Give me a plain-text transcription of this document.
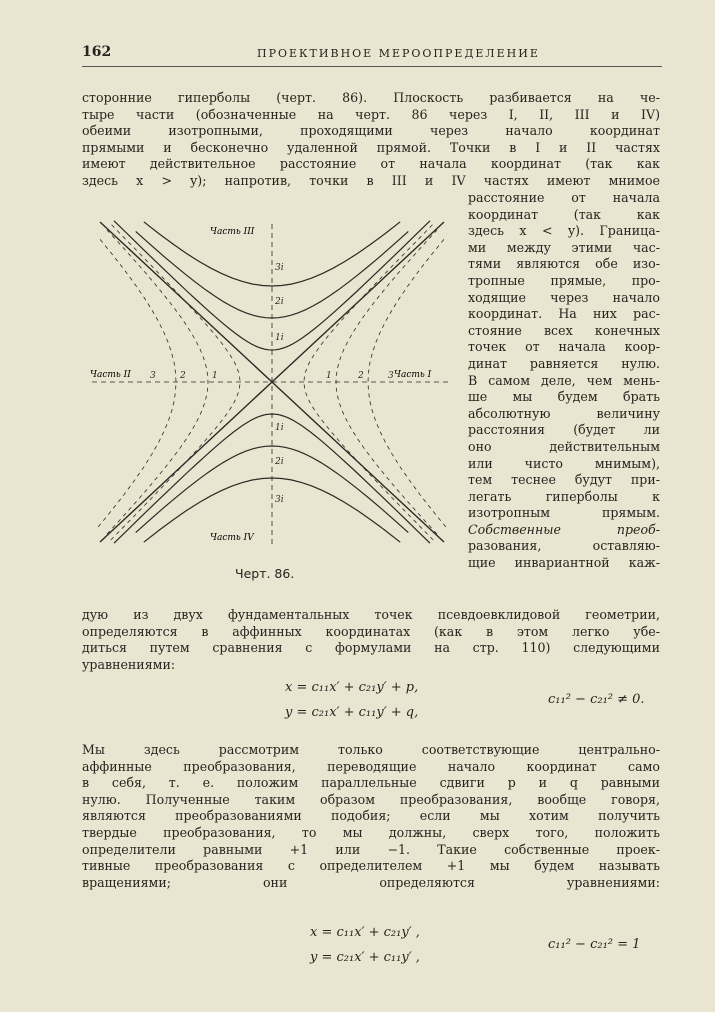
162	ПРОЕКТИВНОЕ МЕРООПРЕДЕЛЕНИЕ
сторонние гиперболы (черт. 86). Плоскость разбивается на че-
тыре части (обозначенные на черт. 86 через I, II, III и IV)
обеими изотропными, проходящими через начало координат
прямыми и бесконечно удаленной прямой. Точки в I и II частях
имеют действительное расстояние от начала координат (так как
здесь x > y); напротив, точки в III и IV частях имеют мнимое
расстояние от начала
координат (так как
здесь x < y). Граница-
ми между этими час-
тями являются обе изо-
тропные прямые, про-
ходящие через начало
координат. На них рас-
стояние всех конечных
точек от начала коор-
динат равняется нулю.
В самом деле, чем мень-
ше мы будем брать
абсолютную величину
расстояния (будет ли
оно действительным
или чисто мнимым),
тем теснее будут при-
легать гиперболы к
изотропным прямым.
Собственные преоб-
разования, оставляю-
щие инвариантной каж-
Часть III
Часть IV
Часть II	Часть I
3i
2i
1i
1i
2i
3i
3	2	1	1	2	3
Черт. 86.
дую из двух фундаментальных точек псевдоевклидовой геометрии,
определяются в аффинных координатах (как в этом легко убе-
диться путем сравнения с формулами на стр. 110) следующими
уравнениями:
x = c₁₁x′ + c₂₁y′ + p,
y = c₂₁x′ + c₁₁y′ + q,
c₁₁² − c₂₁² ≠ 0.
Мы здесь рассмотрим только соответствующие центрально-
аффинные преобразования, переводящие начало координат само
в себя, т. е. положим параллельные сдвиги p и q равными
нулю. Полученные таким образом преобразования, вообще говоря,
являются преобразованиями подобия; если мы хотим получить
твердые преобразования, то мы должны, сверх того, положить
определители равными +1 или −1. Такие собственные проек-
тивные преобразования с определителем +1 мы будем называть
вращениями; они определяются уравнениями:
x = c₁₁x′ + c₂₁y′ ,
y = c₂₁x′ + c₁₁y′ ,
c₁₁² − c₂₁² = 1
